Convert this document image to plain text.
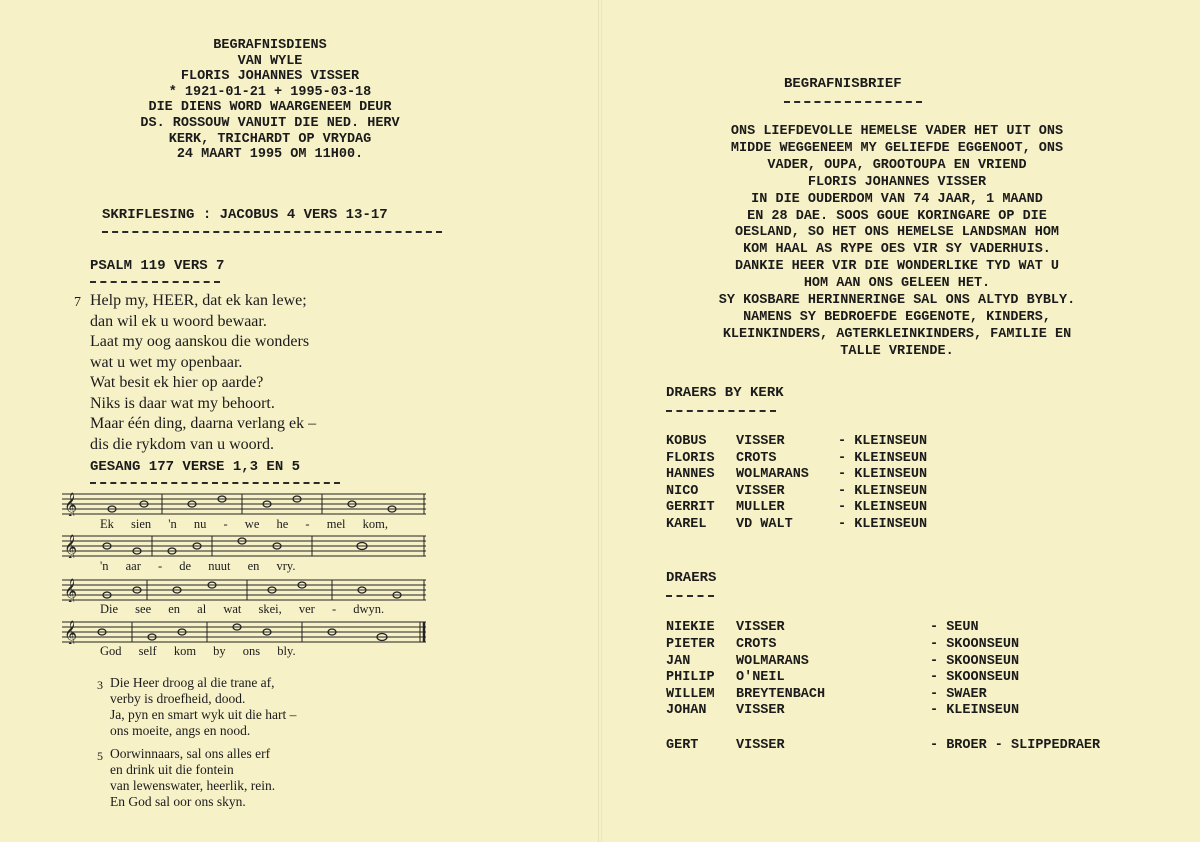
BEGRAFNISDIENS
VAN WYLE
FLORIS JOHANNES VISSER
* 1921-01-21 + 1995-03-18
DIE DIENS WORD WAARGENEEM DEUR
DS. ROSSOUW VANUIT DIE NED. HERV
KERK, TRICHARDT OP VRYDAG
24 MAART 1995 OM 11H00.
SKRIFLESING : JACOBUS 4 VERS 13-17
PSALM 119 VERS 7
7 Help my, HEER, dat ek kan lewe;
dan wil ek u woord bewaar.
Laat my oog aanskou die wonders
wat u wet my openbaar.
Wat besit ek hier op aarde?
Niks is daar wat my behoort.
Maar één ding, daarna verlang ek –
dis die rykdom van u woord.
GESANG 177 VERSE 1,3 EN 5
𝄞
Ek sien 'n nu - we he - mel kom,
𝄞
'n aar - de nuut en vry.
𝄞
Die see en al wat skei, ver - dwyn.
𝄞
God self kom by ons bly.
3 Die Heer droog al die trane af,
verby is droefheid, dood.
Ja, pyn en smart wyk uit die hart –
ons moeite, angs en nood.
5 Oorwinnaars, sal ons alles erf
en drink uit die fontein
van lewenswater, heerlik, rein.
En God sal oor ons skyn.
BEGRAFNISBRIEF
ONS LIEFDEVOLLE HEMELSE VADER HET UIT ONS
MIDDE WEGGENEEM MY GELIEFDE EGGENOOT, ONS
VADER, OUPA, GROOTOUPA EN VRIEND
FLORIS JOHANNES VISSER
IN DIE OUDERDOM VAN 74 JAAR, 1 MAAND
EN 28 DAE. SOOS GOUE KORINGARE OP DIE
OESLAND, SO HET ONS HEMELSE LANDSMAN HOM
KOM HAAL AS RYPE OES VIR SY VADERHUIS.
DANKIE HEER VIR DIE WONDERLIKE TYD WAT U
HOM AAN ONS GELEEN HET.
SY KOSBARE HERINNERINGE SAL ONS ALTYD BYBLY.
NAMENS SY BEDROEFDE EGGENOTE, KINDERS,
KLEINKINDERS, AGTERKLEINKINDERS, FAMILIE EN
TALLE VRIENDE.
DRAERS BY KERK
KOBUS	VISSER	- KLEINSEUN
FLORIS	CROTS	- KLEINSEUN
HANNES	WOLMARANS	- KLEINSEUN
NICO	VISSER	- KLEINSEUN
GERRIT	MULLER	- KLEINSEUN
KAREL	VD WALT	- KLEINSEUN
DRAERS
NIEKIE	VISSER	- SEUN
PIETER	CROTS	- SKOONSEUN
JAN	WOLMARANS	- SKOONSEUN
PHILIP	O'NEIL	- SKOONSEUN
WILLEM	BREYTENBACH	- SWAER
JOHAN	VISSER	- KLEINSEUN
GERT	VISSER	- BROER - SLIPPEDRAER
